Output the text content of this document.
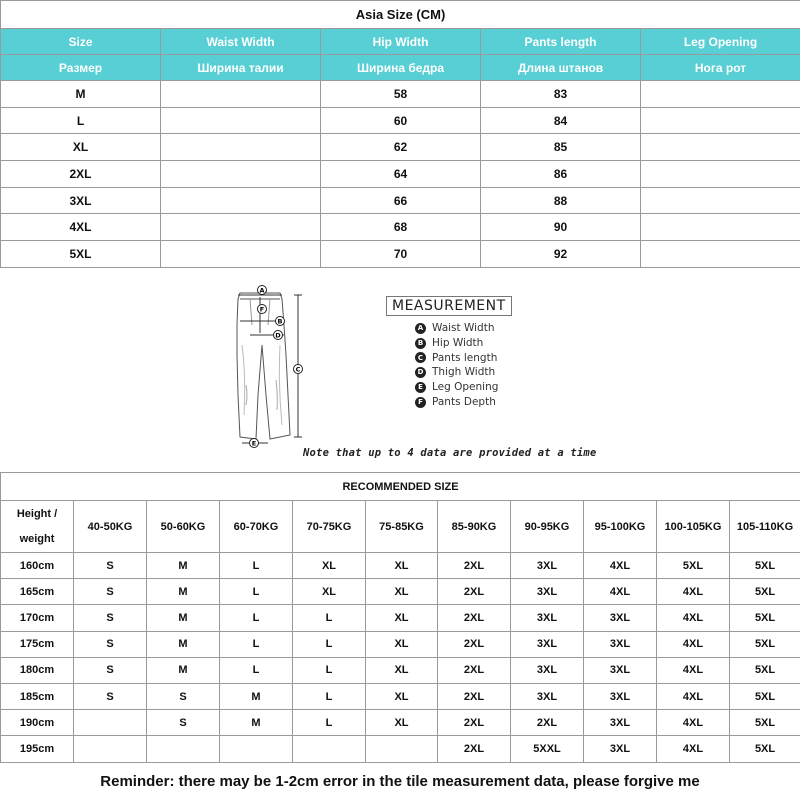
Asia Size (CM)				
Size	Waist Width	Hip Width	Pants length	Leg Opening
Размер	Ширина талии	Ширина бедра	Длина штанов	Нога рот
M		58	83	
L		60	84	
XL		62	85	
2XL		64	86	
3XL		66	88	
4XL		68	90	
5XL		70	92	
A
F
B
D
C
E
MEASUREMENT
A Waist Width
B Hip Width
C Pants length
D Thigh Width
E Leg Opening
F Pants Depth
Note that up to 4 data are provided at a time
RECOMMENDED SIZE										
Height /
weight	40-50KG	50-60KG	60-70KG	70-75KG	75-85KG	85-90KG	90-95KG	95-100KG	100-105KG	105-110KG
160cm	S	M	L	XL	XL	2XL	3XL	4XL	5XL	5XL
165cm	S	M	L	XL	XL	2XL	3XL	4XL	4XL	5XL
170cm	S	M	L	L	XL	2XL	3XL	3XL	4XL	5XL
175cm	S	M	L	L	XL	2XL	3XL	3XL	4XL	5XL
180cm	S	M	L	L	XL	2XL	3XL	3XL	4XL	5XL
185cm	S	S	M	L	XL	2XL	3XL	3XL	4XL	5XL
190cm		S	M	L	XL	2XL	2XL	3XL	4XL	5XL
195cm						2XL	5XXL	3XL	4XL	5XL
Reminder: there may be 1-2cm error in the tile measurement data, please forgive me
